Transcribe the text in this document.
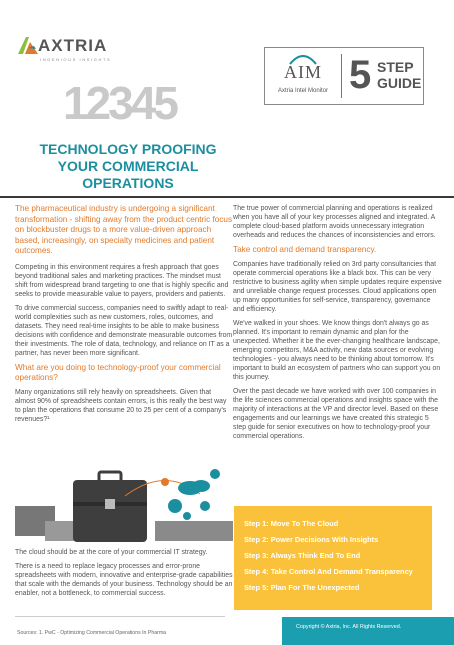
AXTRIA
INGENIOUS INSIGHTS
AIM
Axtria Intel Monitor 5 STEP
GUIDE
12345
TECHNOLOGY PROOFING
YOUR COMMERCIAL
OPERATIONS
The pharmaceutical industry is undergoing a significant transformation - shifting away from the product centric focus on blockbuster drugs to a more value-driven approach based, increasingly, on specialty medicines and patient outcomes.
Competing in this environment requires a fresh approach that goes beyond traditional sales and marketing practices. The mindset must shift from widespread brand targeting to one that is highly specific and seeks to provide measurable value to payers, providers and patients.
To drive commercial success, companies need to swiftly adapt to real-world complexities such as new customers, roles, outcomes, and datasets. They need real-time insights to be able to make business decisions with confidence and demonstrate measurable outcomes from their investments. The role of data, technology, and reliance on IT as a partner, has never been more significant.
What are you doing to technology-proof your commercial operations?
Many organizations still rely heavily on spreadsheets. Given that almost 90% of spreadsheets contain errors, is this really the best way to plan the operations that consume 20 to 25 per cent of a company's revenues?¹
The cloud should be at the core of your commercial IT strategy.
There is a need to replace legacy processes and error-prone spreadsheets with modern, innovative and enterprise-grade capabilities that scale with the demands of your business. Technology should be an enabler, not a bottleneck, to commercial success.
The true power of commercial planning and operations is realized when you have all of your key processes aligned and integrated. A complete cloud-based platform avoids unnecessary integration overheads and reduces the chances of inconsistencies and errors.
Take control and demand transparency.
Companies have traditionally relied on 3rd party consultancies that operate commercial operations like a black box. This can be very restrictive to business agility when simple updates require expensive and unreliable change request processes. Cloud applications open up many opportunities for self-service, transparency, governance and efficiency.
We've walked in your shoes. We know things don't always go as planned. It's important to remain dynamic and plan for the unexpected. Whether it be the ever-changing healthcare landscape, emerging competitors, M&A activity, new data sources or evolving technologies - you always need to be thinking about tomorrow. It's important to build an ecosystem of partners who can support you on this journey.
Over the past decade we have worked with over 100 companies in the life sciences commercial operations and insights space with the majority of interactions at the VP and director level. Based on these engagements and our learnings we have created this strategic 5 step guide for senior executives on how to technology-proof your commercial operations.
Step 1: Move To The Cloud
Step 2: Power Decisions With Insights
Step 3: Always Think End To End
Step 4: Take Control And Demand Transparency
Step 5: Plan For The Unexpected
Sources: 1. PwC - Optimizing Commercial Operations In Pharma
Copyright © Axtria, Inc. All Rights Reserved.
